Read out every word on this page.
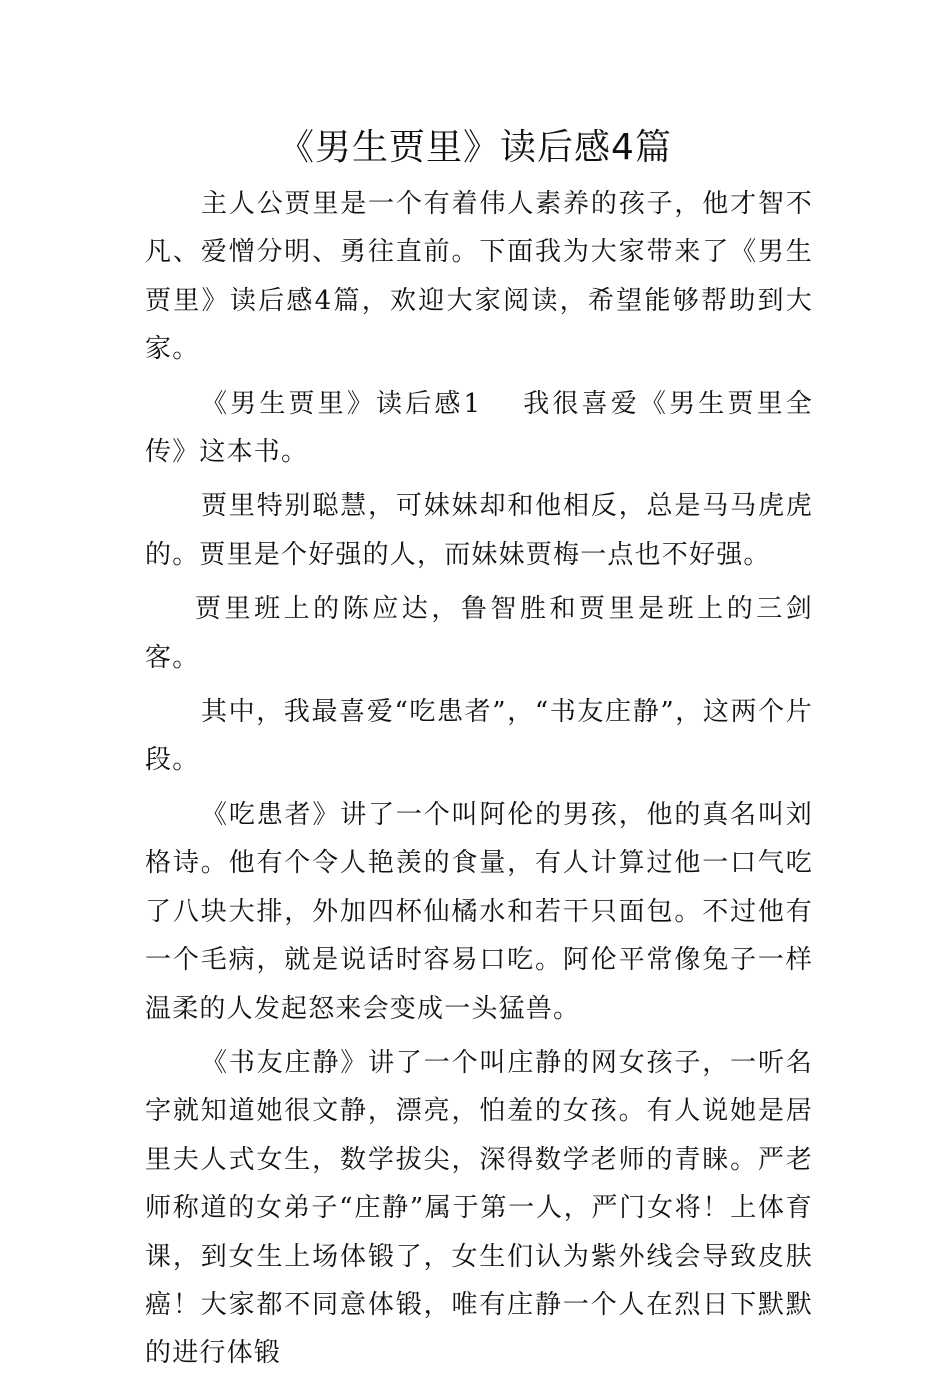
《男生贾里》读后感4篇

主人公贾里是一个有着伟人素养的孩子，他才智不凡、爱憎分明、勇往直前。下面我为大家带来了《男生贾里》读后感4篇，欢迎大家阅读，希望能够帮助到大家。

《男生贾里》读后感1 我很喜爱《男生贾里全传》这本书。

贾里特别聪慧，可妹妹却和他相反，总是马马虎虎的。贾里是个好强的人，而妹妹贾梅一点也不好强。

贾里班上的陈应达，鲁智胜和贾里是班上的三剑客。

其中，我最喜爱“吃患者”，“书友庄静”，这两个片段。

《吃患者》讲了一个叫阿伦的男孩，他的真名叫刘格诗。他有个令人艳羡的食量，有人计算过他一口气吃了八块大排，外加四杯仙橘水和若干只面包。不过他有一个毛病，就是说话时容易口吃。阿伦平常像兔子一样温柔的人发起怒来会变成一头猛兽。

《书友庄静》讲了一个叫庄静的网女孩子，一听名字就知道她很文静，漂亮，怕羞的女孩。有人说她是居里夫人式女生，数学拔尖，深得数学老师的青睐。严老师称道的女弟子“庄静”属于第一人，严门女将！上体育课，到女生上场体锻了，女生们认为紫外线会导致皮肤癌！大家都不同意体锻，唯有庄静一个人在烈日下默默的进行体锻
